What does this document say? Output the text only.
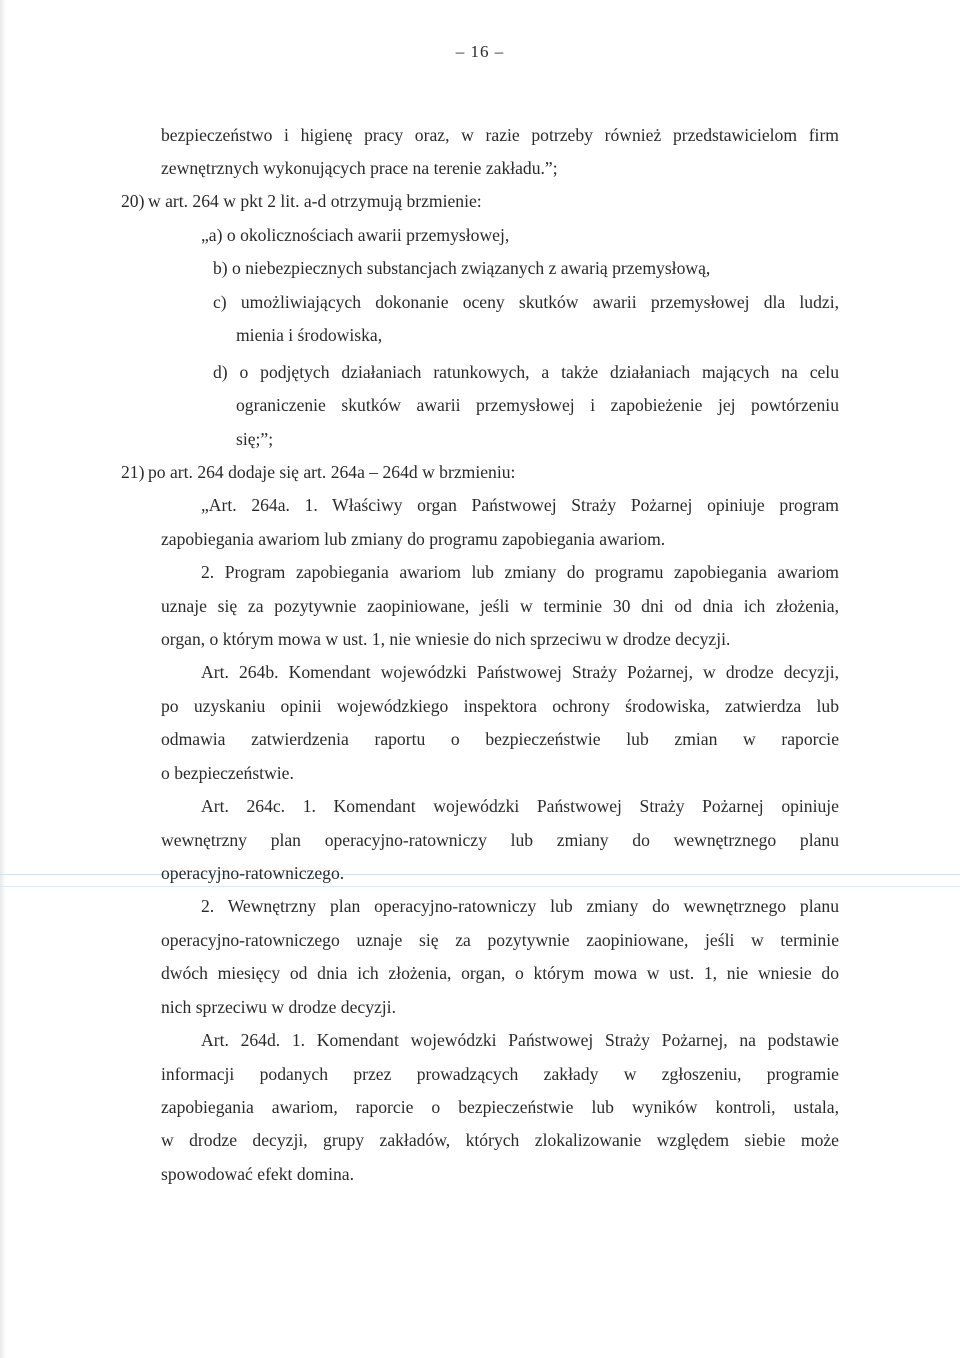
– 16 –
bezpieczeństwo i higienę pracy oraz, w razie potrzeby również przedstawicielom firm
zewnętrznych wykonujących prace na terenie zakładu.”;
20) w art. 264 w pkt 2 lit. a-d otrzymują brzmienie:
„a) o okolicznościach awarii przemysłowej,
b) o niebezpiecznych substancjach związanych z awarią przemysłową,
c) umożliwiających dokonanie oceny skutków awarii przemysłowej dla ludzi,
mienia i środowiska,
d) o podjętych działaniach ratunkowych, a także działaniach mających na celu
ograniczenie skutków awarii przemysłowej i zapobieżenie jej powtórzeniu
się;”;
21) po art. 264 dodaje się art. 264a – 264d w brzmieniu:
„Art. 264a. 1. Właściwy organ Państwowej Straży Pożarnej opiniuje program
zapobiegania awariom lub zmiany do programu zapobiegania awariom.
2. Program zapobiegania awariom lub zmiany do programu zapobiegania awariom
uznaje się za pozytywnie zaopiniowane, jeśli w terminie 30 dni od dnia ich złożenia,
organ, o którym mowa w ust. 1, nie wniesie do nich sprzeciwu w drodze decyzji.
Art. 264b. Komendant wojewódzki Państwowej Straży Pożarnej, w drodze decyzji,
po uzyskaniu opinii wojewódzkiego inspektora ochrony środowiska, zatwierdza lub
odmawia zatwierdzenia raportu o bezpieczeństwie lub zmian w raporcie
o bezpieczeństwie.
Art. 264c. 1. Komendant wojewódzki Państwowej Straży Pożarnej opiniuje
wewnętrzny plan operacyjno-ratowniczy lub zmiany do wewnętrznego planu
operacyjno-ratowniczego.
2. Wewnętrzny plan operacyjno-ratowniczy lub zmiany do wewnętrznego planu
operacyjno-ratowniczego uznaje się za pozytywnie zaopiniowane, jeśli w terminie
dwóch miesięcy od dnia ich złożenia, organ, o którym mowa w ust. 1, nie wniesie do
nich sprzeciwu w drodze decyzji.
Art. 264d. 1. Komendant wojewódzki Państwowej Straży Pożarnej, na podstawie
informacji podanych przez prowadzących zakłady w zgłoszeniu, programie
zapobiegania awariom, raporcie o bezpieczeństwie lub wyników kontroli, ustala,
w drodze decyzji, grupy zakładów, których zlokalizowanie względem siebie może
spowodować efekt domina.
